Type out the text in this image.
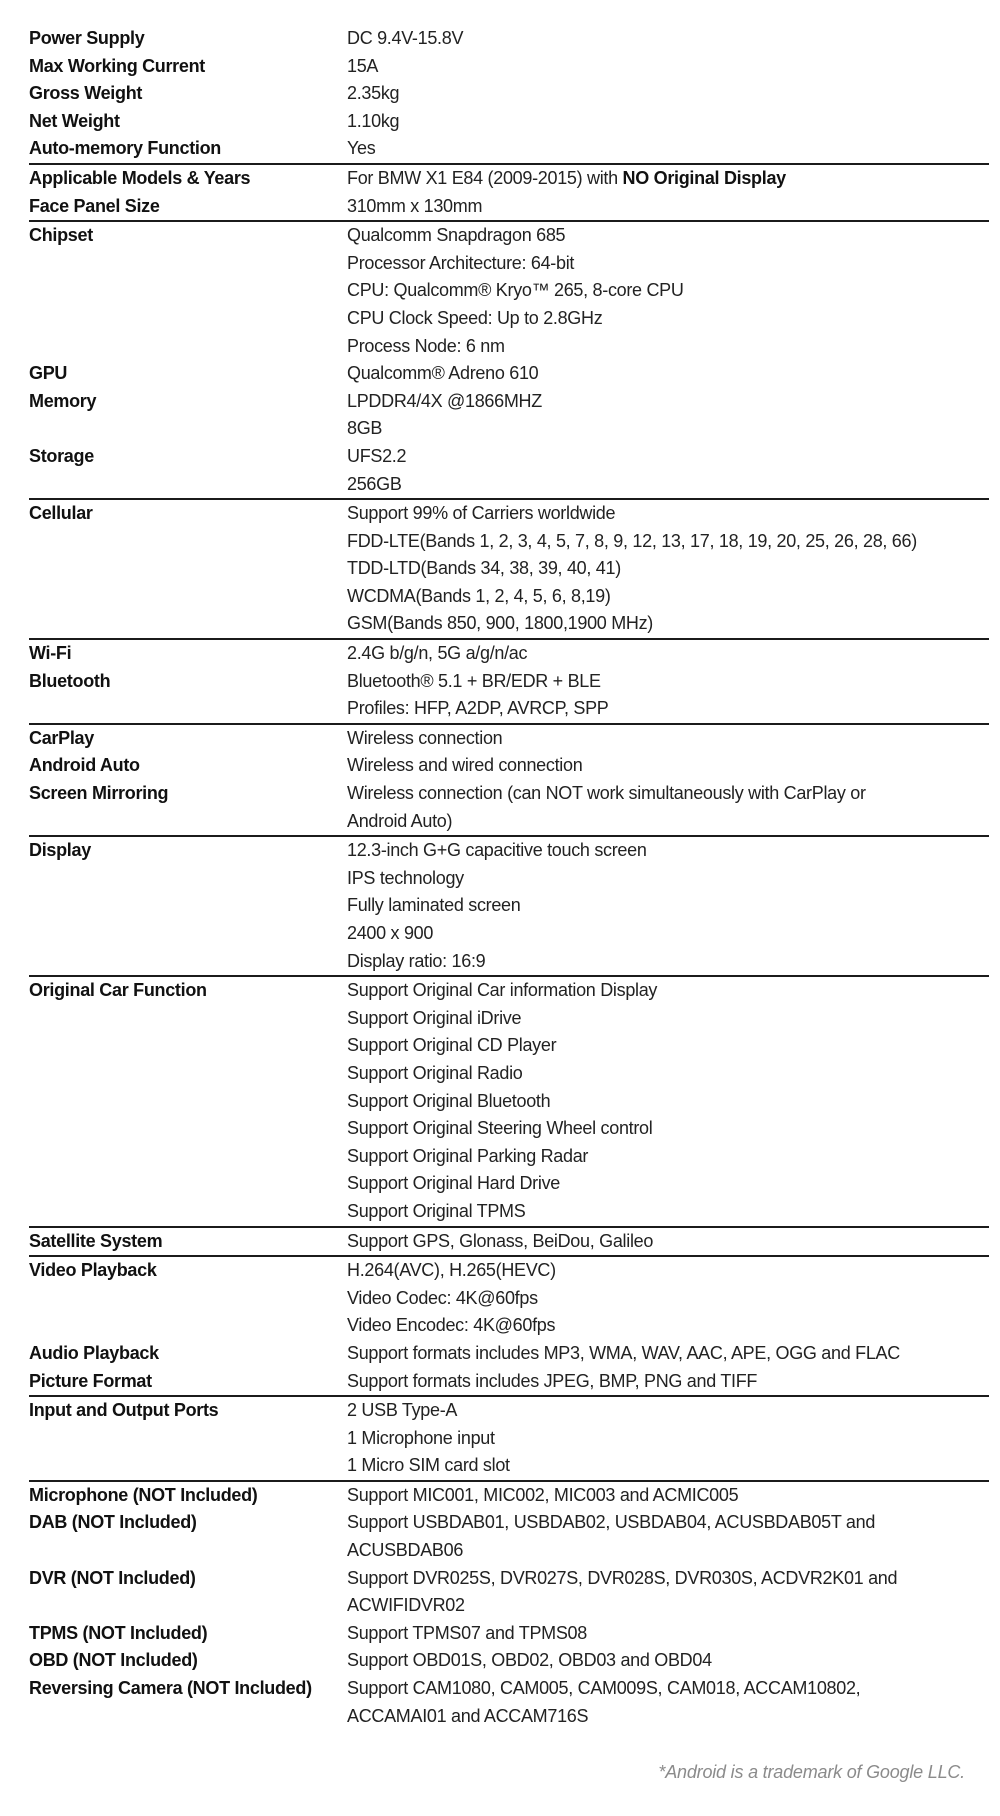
Power Supply	DC 9.4V-15.8V
Max Working Current	15A
Gross Weight	2.35kg
Net Weight	1.10kg
Auto-memory Function	Yes
Applicable Models & Years	For BMW X1 E84 (2009-2015) with NO Original Display
Face Panel Size	310mm x 130mm
Chipset	Qualcomm Snapdragon 685
Processor Architecture: 64-bit
CPU: Qualcomm® Kryo™ 265, 8-core CPU
CPU Clock Speed: Up to 2.8GHz
Process Node: 6 nm
GPU	Qualcomm® Adreno 610
Memory	LPDDR4/4X @1866MHZ
8GB
Storage	UFS2.2
256GB
Cellular	Support 99% of Carriers worldwide
FDD-LTE(Bands 1, 2, 3, 4, 5, 7, 8, 9, 12, 13, 17, 18, 19, 20, 25, 26, 28, 66)
TDD-LTD(Bands 34, 38, 39, 40, 41)
WCDMA(Bands 1, 2, 4, 5, 6, 8,19)
GSM(Bands 850, 900, 1800,1900 MHz)
Wi-Fi	2.4G b/g/n, 5G a/g/n/ac
Bluetooth	Bluetooth® 5.1 + BR/EDR + BLE
Profiles: HFP, A2DP, AVRCP, SPP
CarPlay	Wireless connection
Android Auto	Wireless and wired connection
Screen Mirroring	Wireless connection (can NOT work simultaneously with CarPlay or
Android Auto)
Display	12.3-inch G+G capacitive touch screen
IPS technology
Fully laminated screen
2400 x 900
Display ratio: 16:9
Original Car Function	Support Original Car information Display
Support Original iDrive
Support Original CD Player
Support Original Radio
Support Original Bluetooth
Support Original Steering Wheel control
Support Original Parking Radar
Support Original Hard Drive
Support Original TPMS
Satellite System	Support GPS, Glonass, BeiDou, Galileo
Video Playback	H.264(AVC), H.265(HEVC)
Video Codec: 4K@60fps
Video Encodec: 4K@60fps
Audio Playback	Support formats includes MP3, WMA, WAV, AAC, APE, OGG and FLAC
Picture Format	Support formats includes JPEG, BMP, PNG and TIFF
Input and Output Ports	2 USB Type-A
1 Microphone input
1 Micro SIM card slot
Microphone (NOT Included)	Support MIC001, MIC002, MIC003 and ACMIC005
DAB (NOT Included)	Support USBDAB01, USBDAB02, USBDAB04, ACUSBDAB05T and
ACUSBDAB06
DVR (NOT Included)	Support DVR025S, DVR027S, DVR028S, DVR030S, ACDVR2K01 and
ACWIFIDVR02
TPMS (NOT Included)	Support TPMS07 and TPMS08
OBD (NOT Included)	Support OBD01S, OBD02, OBD03 and OBD04
Reversing Camera (NOT Included)	Support CAM1080, CAM005, CAM009S, CAM018, ACCAM10802,
ACCAMAI01 and ACCAM716S
*Android is a trademark of Google LLC.
